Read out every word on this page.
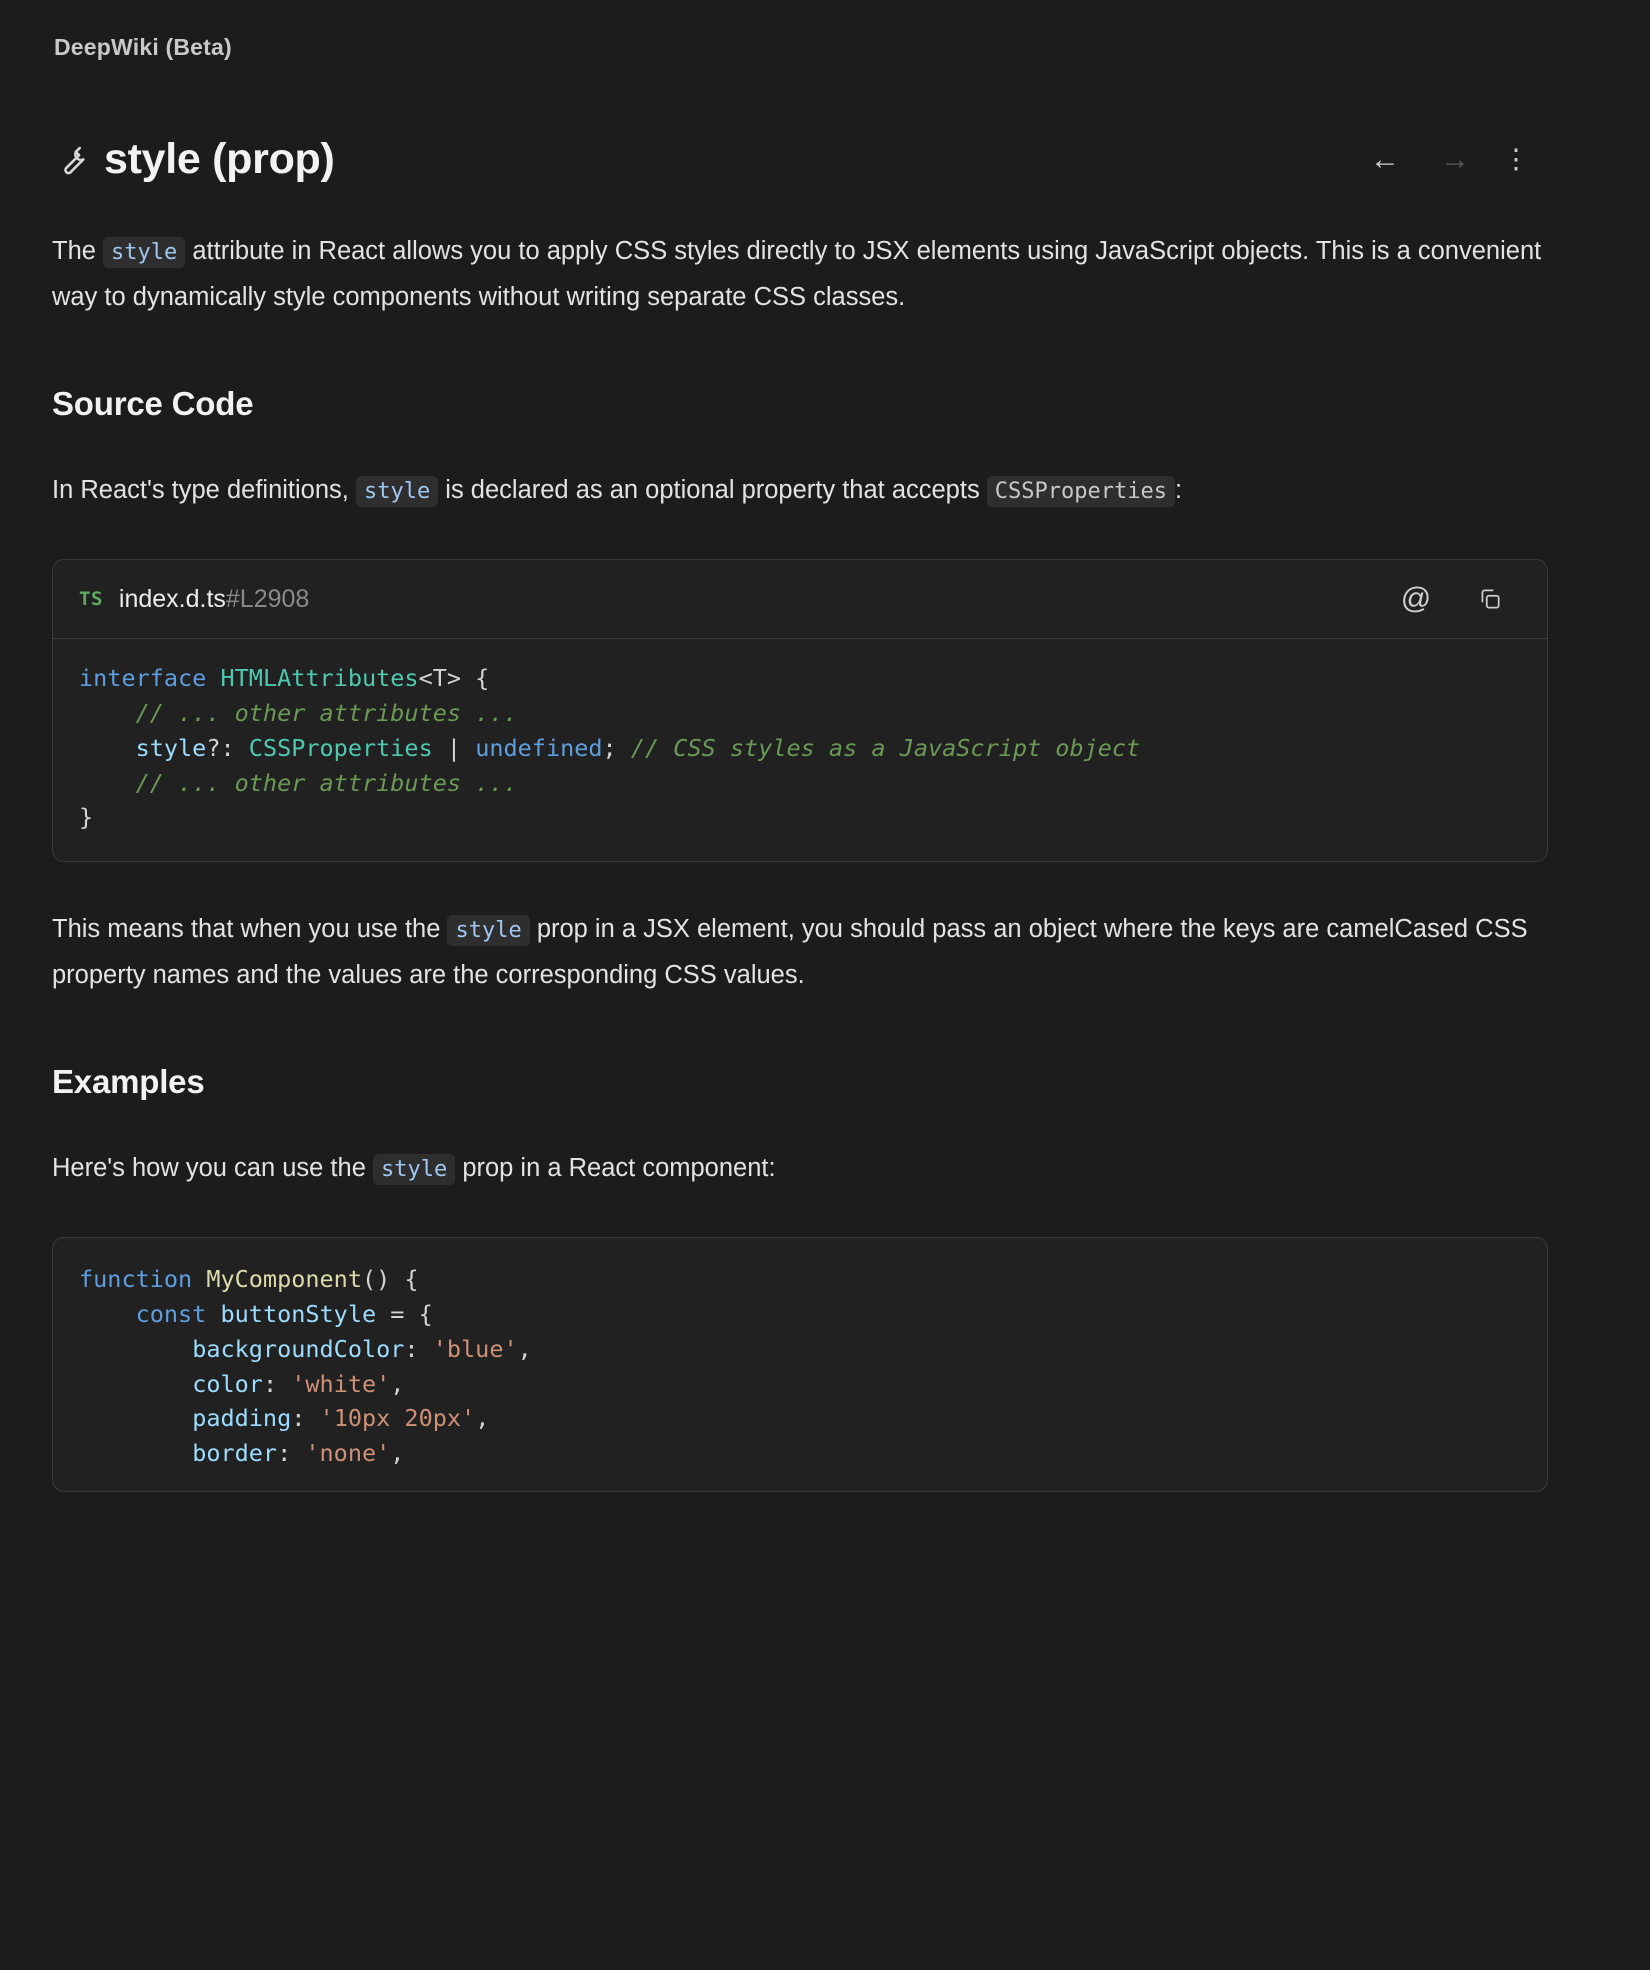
DeepWiki (Beta)
style (prop)	← → ⋮

The style attribute in React allows you to apply CSS styles directly to JSX elements using JavaScript objects. This is a convenient way to dynamically style components without writing separate CSS classes.

Source Code

In React's type definitions, style is declared as an optional property that accepts CSSProperties :

TS index.d.ts #L2908	@
interface HTMLAttributes<T> {
// ... other attributes ...
style?: CSSProperties | undefined; // CSS styles as a JavaScript object
// ... other attributes ...
}

This means that when you use the style prop in a JSX element, you should pass an object where the keys are camelCased CSS property names and the values are the corresponding CSS values.

Examples

Here's how you can use the style prop in a React component:

function MyComponent() {
const buttonStyle = {
backgroundColor: 'blue',
color: 'white',
padding: '10px 20px',
border: 'none',
